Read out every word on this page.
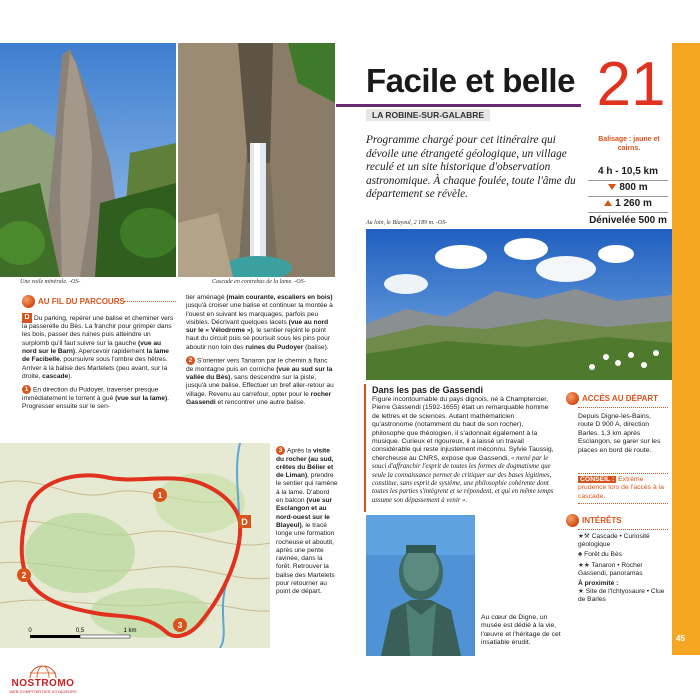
Une voile minérale. -OS-	Cascade en contrebas de la lame. -OS-
Facile et belle
LA ROBINE-SUR-GALABRE 21
45
Programme chargé pour cet itinéraire qui dévoile une étrangeté géologique, un village reculé et un site historique d'observation astronomique. À chaque foulée, toute l'âme du département se révèle.
Balisage : jaune et cairns.
4 h - 10,5 km
800 m
1 260 m
Dénivelée 500 m
Au loin, le Blayeul, 2 189 m. -OS-
AU FIL DU PARCOURS

D Du parking, repérer une balise et cheminer vers la passerelle du Bès. La franchir pour grimper dans les bois, passer des ruines puis atteindre un surplomb qu'il faut suivre sur la gauche (vue au nord sur le Barn). Apercevoir rapidement la lame de Facibelle, poursuivre sous l'ombre des hêtres. Arriver à la balise des Martelets (peu avant, sur la droite, cascade).

1 En direction du Pudoyer, traverser presque immédiatement le torrent à gué (vue sur la lame). Progresser ensuite sur le sen-

tier aménagé (main courante, escaliers en bois) jusqu'à croiser une balise et continuer la montée à l'ouest en suivant les marquages, parfois peu visibles. Décrivant quelques lacets (vue au nord sur le « Vélodrome »), le sentier rejoint le point haut du circuit puis se poursuit sous les pins pour aboutir non loin des ruines du Pudoyer (balise).

2 S'orienter vers Tanaron par le chemin à flanc de montagne puis en corniche (vue au sud sur la vallée du Bès), sans descendre sur la piste, jusqu'à une balise. Effectuer un bref aller-retour au village. Revenu au carrefour, opter pour le rocher Gassendi et rencontrer une autre balise.

3 Après la visite du rocher (au sud, crêtes du Bélier et de Liman), prendre le sentier qui ramène à la lame. D'abord en balcon (vue sur Esclangon et au nord-ouest sur le Blayeul), le tracé longe une formation rocheuse et aboutit, après une pente ravinée, dans la forêt. Retrouver la balise des Martelets pour retourner au point de départ.

1
2
3
D
0	0,5	1 km
Dans les pas de Gassendi
Figure incontournable du pays dignois, né à Champtercier, Pierre Gassendi (1592-1655) était un remarquable homme de lettres et de sciences. Autant mathématicien qu'astronome (notamment du haut de son rocher), philosophe que théologien, il s'adonnait également à la musique. Curieux et rigoureux, il a laissé un travail considérable qui reste injustement méconnu. Sylvie Taussig, chercheuse au CNRS, expose que Gassendi, « mené par le souci d'affranchir l'esprit de toutes les formes de dogmatisme que seule la connaissance permet de critiquer sur des bases légitimes, constitue, sans esprit de système, une philosophie cohérente dont toutes les parties s'intègrent et se répondent, et qui en même temps assume son dépassement à venir ».
Au cœur de Digne, un musée est dédié à la vie, l'œuvre et l'héritage de cet insatiable érudit.
ACCÈS AU DÉPART
Depuis Digne-les-Bains, route D 900 A, direction Barles. 1,3 km après Esclangon, se garer sur les places en bord de route.
CONSEIL : Extrême prudence lors de l'accès à la cascade.
INTÉRÊTS
★⚒ Cascade • Curiosité géologique
♣ Forêt du Bès
★★ Tanaron • Rocher Gassendi, panoramas
À proximité :
★ Site de l'Ichtyosaure • Clue de Barles
NOSTROMO
WEB COMPTOIR DES VOYAGEURS
